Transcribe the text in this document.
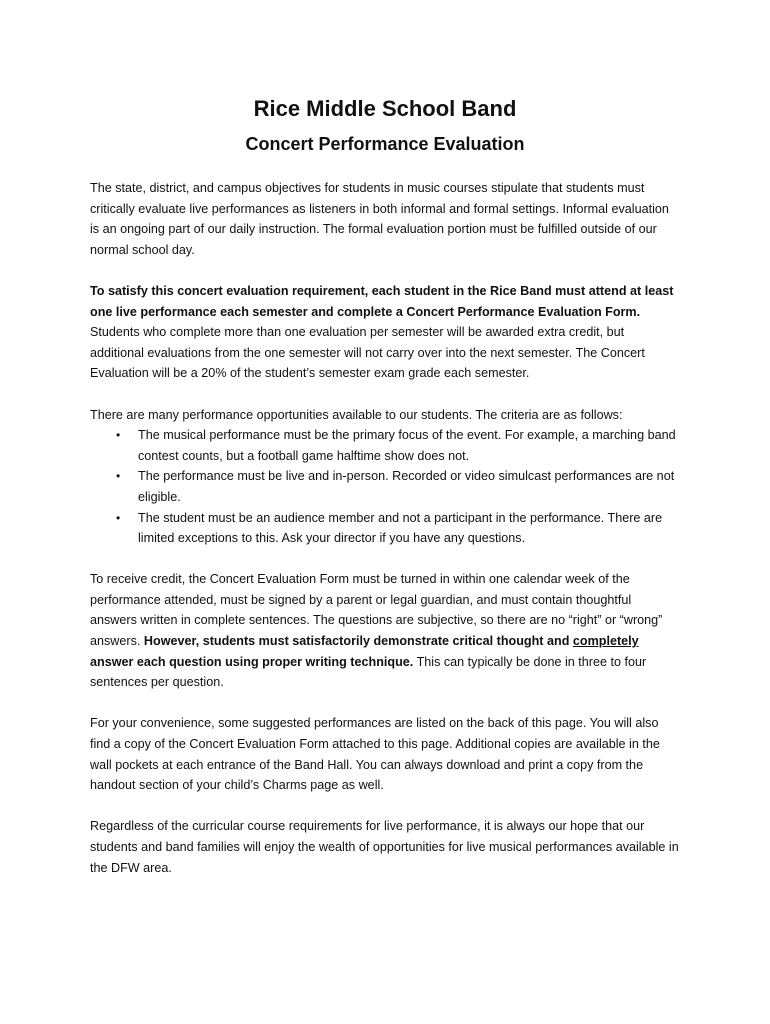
Rice Middle School Band
Concert Performance Evaluation

The state, district, and campus objectives for students in music courses stipulate that students must critically evaluate live performances as listeners in both informal and formal settings. Informal evaluation is an ongoing part of our daily instruction. The formal evaluation portion must be fulfilled outside of our normal school day.

To satisfy this concert evaluation requirement, each student in the Rice Band must attend at least one live performance each semester and complete a Concert Performance Evaluation Form. Students who complete more than one evaluation per semester will be awarded extra credit, but additional evaluations from the one semester will not carry over into the next semester. The Concert Evaluation will be a 20% of the student’s semester exam grade each semester.

There are many performance opportunities available to our students. The criteria are as follows:

• The musical performance must be the primary focus of the event. For example, a marching band contest counts, but a football game halftime show does not.
• The performance must be live and in-person. Recorded or video simulcast performances are not eligible.
• The student must be an audience member and not a participant in the performance. There are limited exceptions to this. Ask your director if you have any questions.

To receive credit, the Concert Evaluation Form must be turned in within one calendar week of the performance attended, must be signed by a parent or legal guardian, and must contain thoughtful answers written in complete sentences. The questions are subjective, so there are no “right” or “wrong” answers. However, students must satisfactorily demonstrate critical thought and completely answer each question using proper writing technique. This can typically be done in three to four sentences per question.

For your convenience, some suggested performances are listed on the back of this page. You will also find a copy of the Concert Evaluation Form attached to this page. Additional copies are available in the wall pockets at each entrance of the Band Hall. You can always download and print a copy from the handout section of your child’s Charms page as well.

Regardless of the curricular course requirements for live performance, it is always our hope that our students and band families will enjoy the wealth of opportunities for live musical performances available in the DFW area.
